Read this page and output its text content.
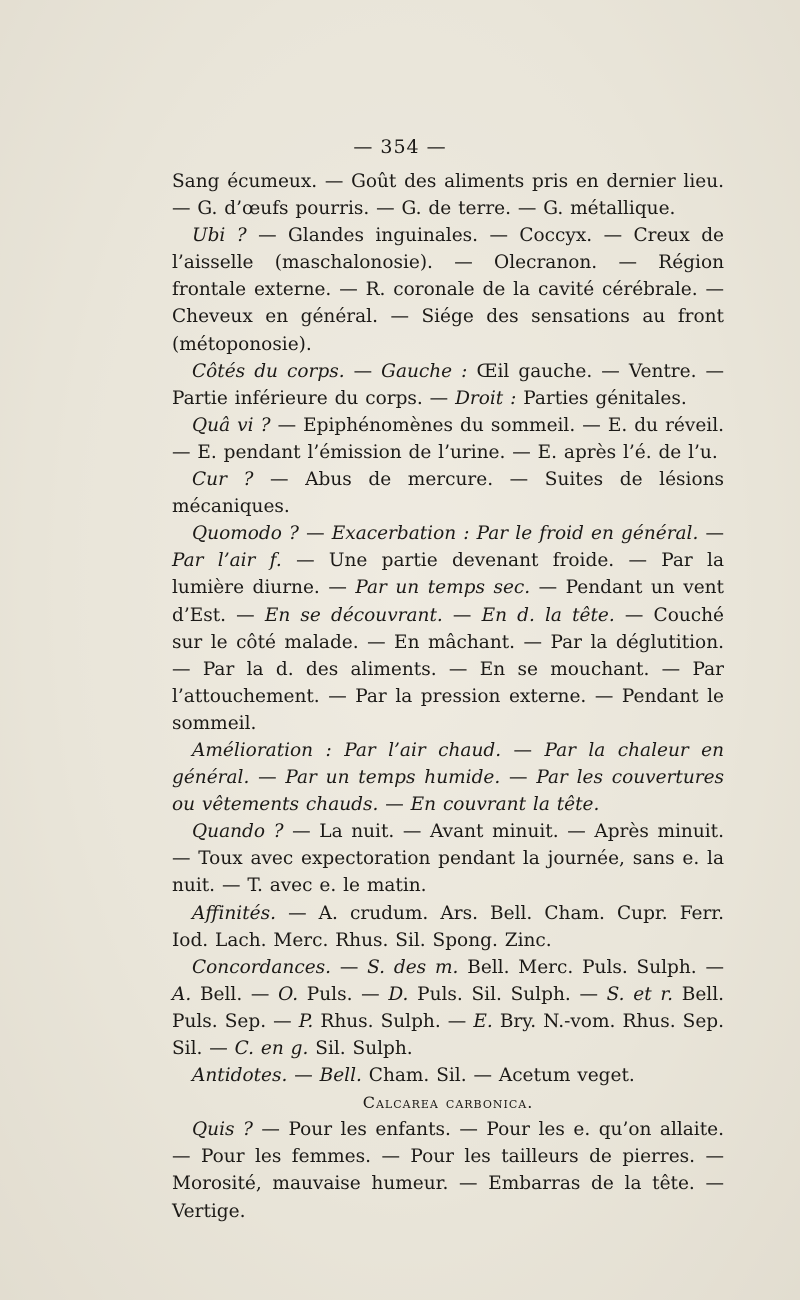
— 354 —

Sang écumeux. — Goût des aliments pris en dernier lieu. — G. d’œufs pourris. — G. de terre. — G. métallique.

Ubi ? — Glandes inguinales. — Coccyx. — Creux de l’aisselle (maschalonosie). — Olecranon. — Région frontale externe. — R. coronale de la cavité cérébrale. — Cheveux en général. — Siége des sensations au front (métoponosie).

Côtés du corps. — Gauche : Œil gauche. — Ventre. — Partie inférieure du corps. — Droit : Parties génitales.

Quâ vi ? — Epiphénomènes du sommeil. — E. du réveil. — E. pendant l’émission de l’urine. — E. après l’é. de l’u.

Cur ? — Abus de mercure. — Suites de lésions mécaniques.

Quomodo ? — Exacerbation : Par le froid en général. — Par l’air f. — Une partie devenant froide. — Par la lumière diurne. — Par un temps sec. — Pendant un vent d’Est. — En se découvrant. — En d. la tête. — Couché sur le côté malade. — En mâchant. — Par la déglutition. — Par la d. des aliments. — En se mouchant. — Par l’attouchement. — Par la pression externe. — Pendant le sommeil.

Amélioration : Par l’air chaud. — Par la chaleur en général. — Par un temps humide. — Par les couvertures ou vêtements chauds. — En couvrant la tête.

Quando ? — La nuit. — Avant minuit. — Après minuit. — Toux avec expectoration pendant la journée, sans e. la nuit. — T. avec e. le matin.

Affinités. — A. crudum. Ars. Bell. Cham. Cupr. Ferr. Iod. Lach. Merc. Rhus. Sil. Spong. Zinc.

Concordances. — S. des m. Bell. Merc. Puls. Sulph. — A. Bell. — O. Puls. — D. Puls. Sil. Sulph. — S. et r. Bell. Puls. Sep. — P. Rhus. Sulph. — E. Bry. N.-vom. Rhus. Sep. Sil. — C. en g. Sil. Sulph.

Antidotes. — Bell. Cham. Sil. — Acetum veget.

Calcarea carbonica.

Quis ? — Pour les enfants. — Pour les e. qu’on allaite. — Pour les femmes. — Pour les tailleurs de pierres. — Morosité, mauvaise humeur. — Embarras de la tête. — Vertige.
